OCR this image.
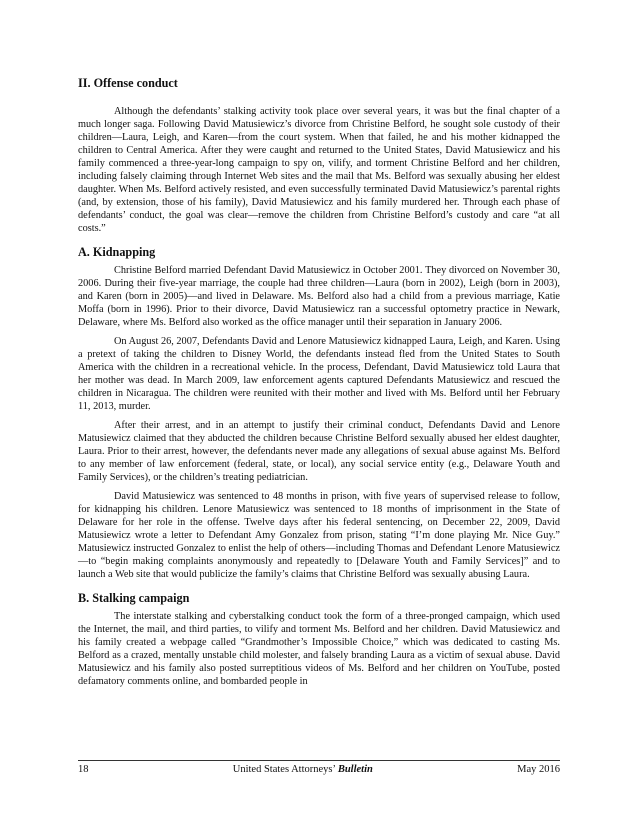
II. Offense conduct

Although the defendants’ stalking activity took place over several years, it was but the final chapter of a much longer saga. Following David Matusiewicz’s divorce from Christine Belford, he sought sole custody of their children—Laura, Leigh, and Karen—from the court system. When that failed, he and his mother kidnapped the children to Central America. After they were caught and returned to the United States, David Matusiewicz and his family commenced a three-year-long campaign to spy on, vilify, and torment Christine Belford and her children, including falsely claiming through Internet Web sites and the mail that Ms. Belford was sexually abusing her eldest daughter. When Ms. Belford actively resisted, and even successfully terminated David Matusiewicz’s parental rights (and, by extension, those of his family), David Matusiewicz and his family murdered her. Through each phase of defendants’ conduct, the goal was clear—remove the children from Christine Belford’s custody and care “at all costs.”

A. Kidnapping

Christine Belford married Defendant David Matusiewicz in October 2001. They divorced on November 30, 2006. During their five-year marriage, the couple had three children—Laura (born in 2002), Leigh (born in 2003), and Karen (born in 2005)—and lived in Delaware. Ms. Belford also had a child from a previous marriage, Katie Moffa (born in 1996). Prior to their divorce, David Matusiewicz ran a successful optometry practice in Newark, Delaware, where Ms. Belford also worked as the office manager until their separation in January 2006.

On August 26, 2007, Defendants David and Lenore Matusiewicz kidnapped Laura, Leigh, and Karen. Using a pretext of taking the children to Disney World, the defendants instead fled from the United States to South America with the children in a recreational vehicle. In the process, Defendant, David Matusiewicz told Laura that her mother was dead. In March 2009, law enforcement agents captured Defendants Matusiewicz and rescued the children in Nicaragua. The children were reunited with their mother and lived with Ms. Belford until her February 11, 2013, murder.

After their arrest, and in an attempt to justify their criminal conduct, Defendants David and Lenore Matusiewicz claimed that they abducted the children because Christine Belford sexually abused her eldest daughter, Laura. Prior to their arrest, however, the defendants never made any allegations of sexual abuse against Ms. Belford to any member of law enforcement (federal, state, or local), any social service entity (e.g., Delaware Youth and Family Services), or the children’s treating pediatrician.

David Matusiewicz was sentenced to 48 months in prison, with five years of supervised release to follow, for kidnapping his children. Lenore Matusiewicz was sentenced to 18 months of imprisonment in the State of Delaware for her role in the offense. Twelve days after his federal sentencing, on December 22, 2009, David Matusiewicz wrote a letter to Defendant Amy Gonzalez from prison, stating “I’m done playing Mr. Nice Guy.” Matusiewicz instructed Gonzalez to enlist the help of others—including Thomas and Defendant Lenore Matusiewicz—to “begin making complaints anonymously and repeatedly to [Delaware Youth and Family Services]” and to launch a Web site that would publicize the family’s claims that Christine Belford was sexually abusing Laura.

B. Stalking campaign

The interstate stalking and cyberstalking conduct took the form of a three-pronged campaign, which used the Internet, the mail, and third parties, to vilify and torment Ms. Belford and her children. David Matusiewicz and his family created a webpage called “Grandmother’s Impossible Choice,” which was dedicated to casting Ms. Belford as a crazed, mentally unstable child molester, and falsely branding Laura as a victim of sexual abuse. David Matusiewicz and his family also posted surreptitious videos of Ms. Belford and her children on YouTube, posted defamatory comments online, and bombarded people in

18	United States Attorneys’ Bulletin	May 2016
